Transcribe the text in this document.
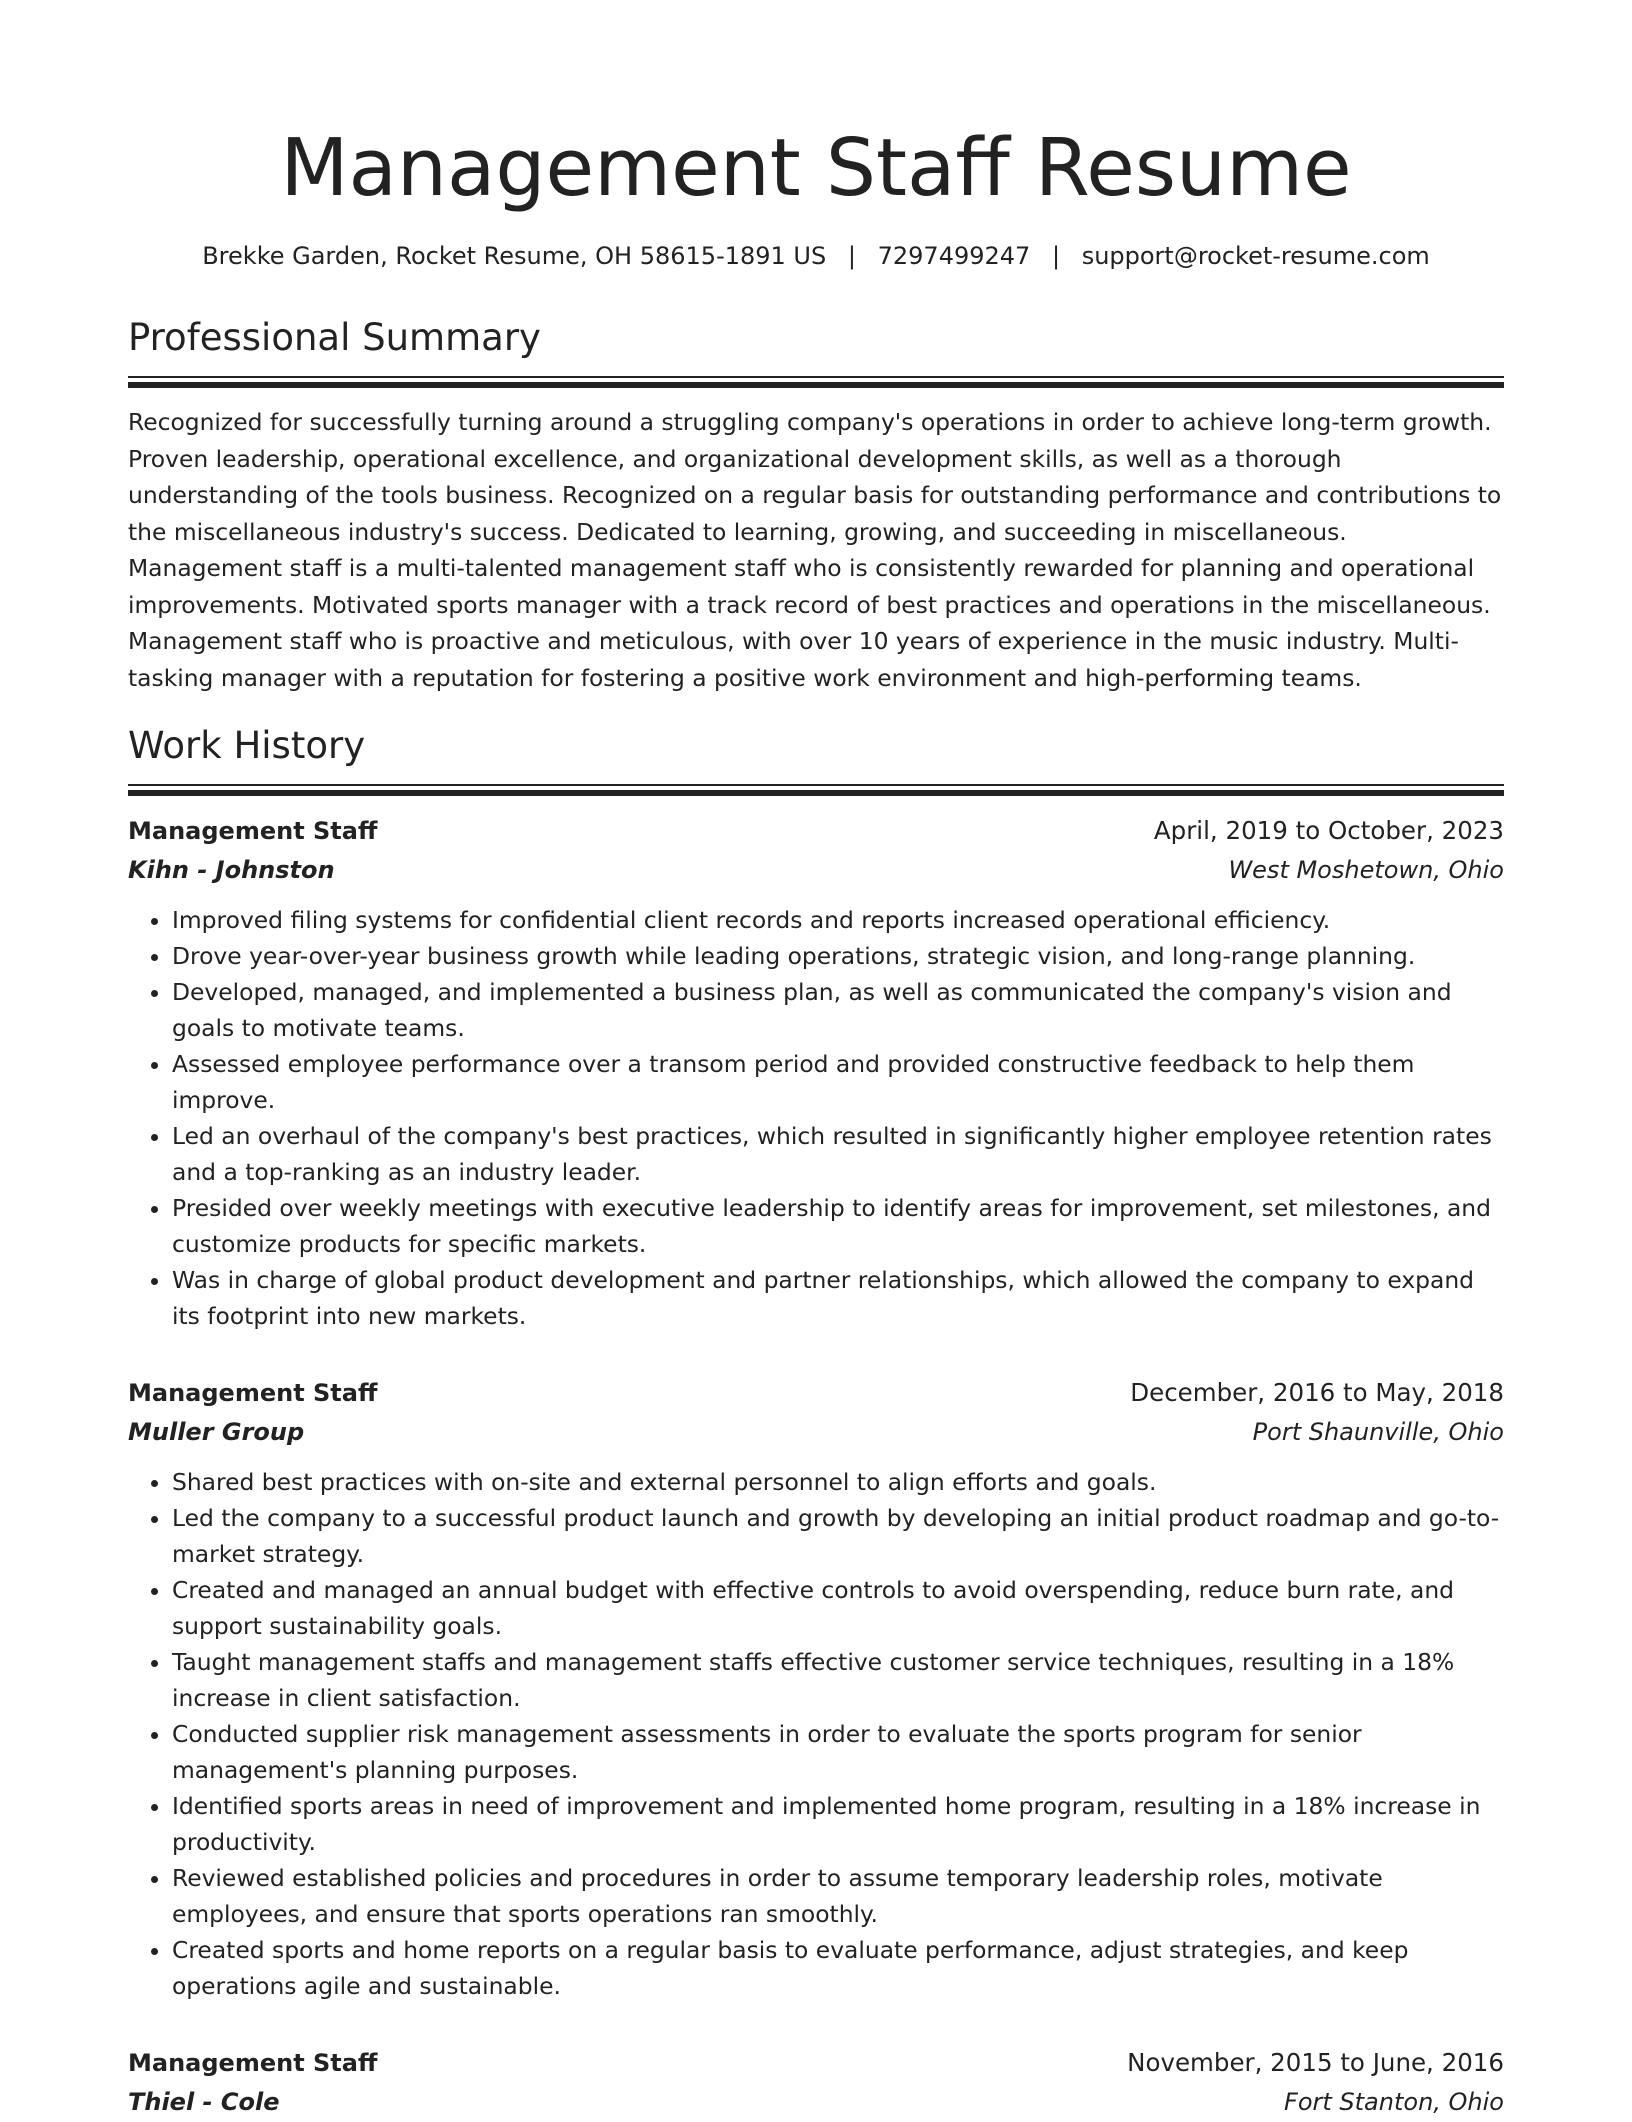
Management Staff Resume
Brekke Garden, Rocket Resume, OH 58615-1891 US | 7297499247 | support@rocket-resume.com
Professional Summary

Recognized for successfully turning around a struggling company's operations in order to achieve long-term growth. Proven leadership, operational excellence, and organizational development skills, as well as a thorough understanding of the tools business. Recognized on a regular basis for outstanding performance and contributions to the miscellaneous industry's success. Dedicated to learning, growing, and succeeding in miscellaneous. Management staff is a multi-talented management staff who is consistently rewarded for planning and operational improvements. Motivated sports manager with a track record of best practices and operations in the miscellaneous. Management staff who is proactive and meticulous, with over 10 years of experience in the music industry. Multi-tasking manager with a reputation for fostering a positive work environment and high-performing teams.

Work History
Management Staff	April, 2019 to October, 2023
Kihn - Johnston	West Moshetown, Ohio
• Improved filing systems for confidential client records and reports increased operational efficiency.
• Drove year-over-year business growth while leading operations, strategic vision, and long-range planning.
• Developed, managed, and implemented a business plan, as well as communicated the company's vision and goals to motivate teams.
• Assessed employee performance over a transom period and provided constructive feedback to help them improve.
• Led an overhaul of the company's best practices, which resulted in significantly higher employee retention rates and a top-ranking as an industry leader.
• Presided over weekly meetings with executive leadership to identify areas for improvement, set milestones, and customize products for specific markets.
• Was in charge of global product development and partner relationships, which allowed the company to expand its footprint into new markets.
Management Staff	December, 2016 to May, 2018
Muller Group	Port Shaunville, Ohio
• Shared best practices with on-site and external personnel to align efforts and goals.
• Led the company to a successful product launch and growth by developing an initial product roadmap and go-to-market strategy.
• Created and managed an annual budget with effective controls to avoid overspending, reduce burn rate, and support sustainability goals.
• Taught management staffs and management staffs effective customer service techniques, resulting in a 18% increase in client satisfaction.
• Conducted supplier risk management assessments in order to evaluate the sports program for senior management's planning purposes.
• Identified sports areas in need of improvement and implemented home program, resulting in a 18% increase in productivity.
• Reviewed established policies and procedures in order to assume temporary leadership roles, motivate employees, and ensure that sports operations ran smoothly.
• Created sports and home reports on a regular basis to evaluate performance, adjust strategies, and keep operations agile and sustainable.
Management Staff	November, 2015 to June, 2016
Thiel - Cole	Fort Stanton, Ohio
